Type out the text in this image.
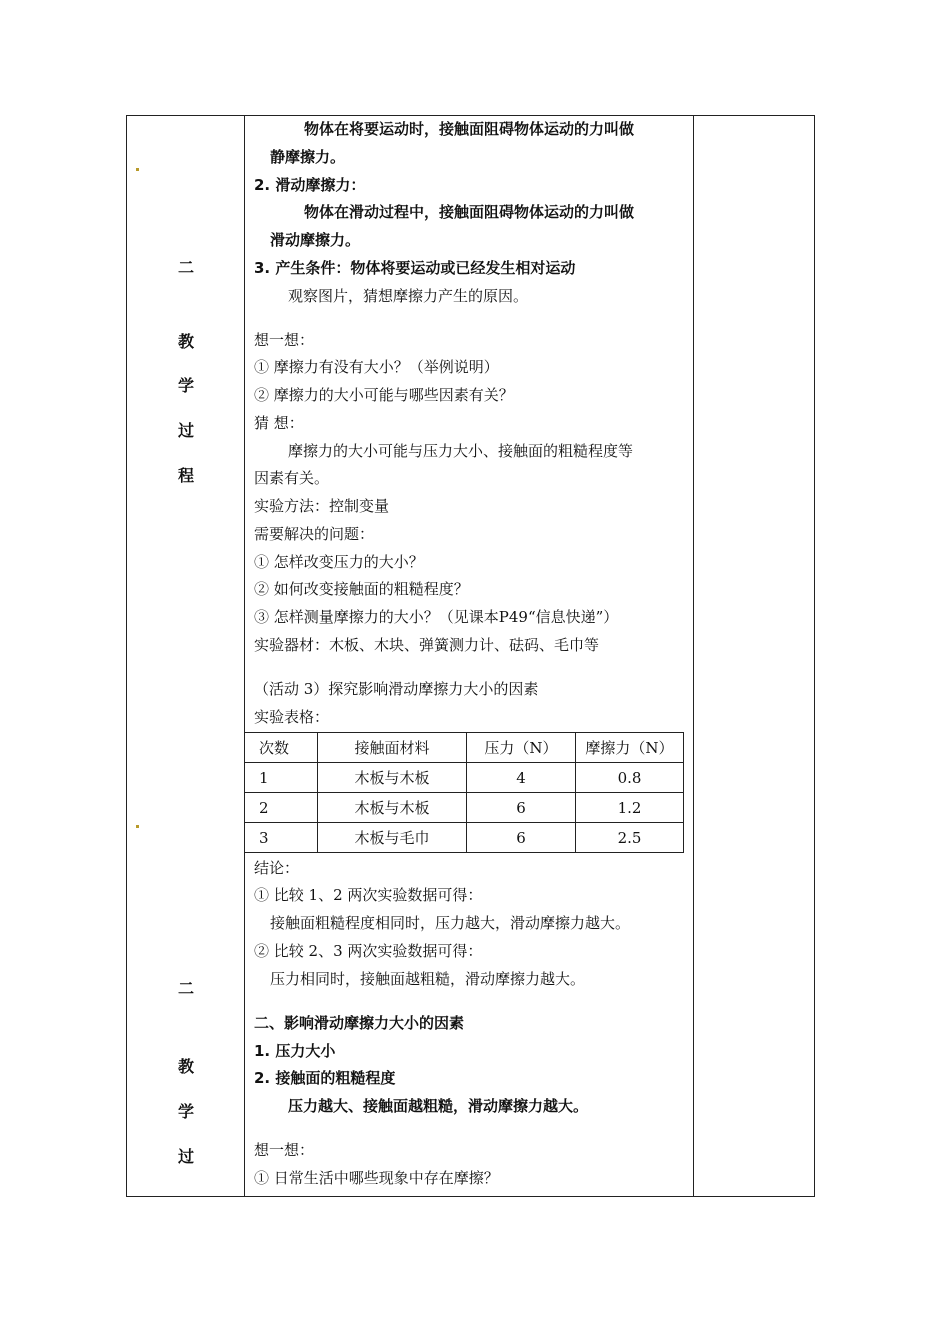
二
教
学
过
程
二
教
学
过
物体在将要运动时，接触面阻碍物体运动的力叫做
静摩擦力。
2. 滑动摩擦力：
物体在滑动过程中，接触面阻碍物体运动的力叫做
滑动摩擦力。
3. 产生条件：物体将要运动或已经发生相对运动
观察图片，猜想摩擦力产生的原因。
想一想：
① 摩擦力有没有大小？（举例说明）
② 摩擦力的大小可能与哪些因素有关？
猜 想：
摩擦力的大小可能与压力大小、接触面的粗糙程度等
因素有关。
实验方法：控制变量
需要解决的问题：
① 怎样改变压力的大小？
② 如何改变接触面的粗糙程度？
③ 怎样测量摩擦力的大小？（见课本P49“信息快递”）
实验器材：木板、木块、弹簧测力计、砝码、毛巾等
（活动 3）探究影响滑动摩擦力大小的因素
实验表格：
次数	接触面材料	压力（N）	摩擦力（N）
1	木板与木板	4	0.8
2	木板与木板	6	1.2
3	木板与毛巾	6	2.5
结论：
① 比较 1、2 两次实验数据可得：
接触面粗糙程度相同时，压力越大，滑动摩擦力越大。
② 比较 2、3 两次实验数据可得：
压力相同时，接触面越粗糙，滑动摩擦力越大。
二、影响滑动摩擦力大小的因素
1. 压力大小
2. 接触面的粗糙程度
压力越大、接触面越粗糙，滑动摩擦力越大。
想一想：
① 日常生活中哪些现象中存在摩擦？
